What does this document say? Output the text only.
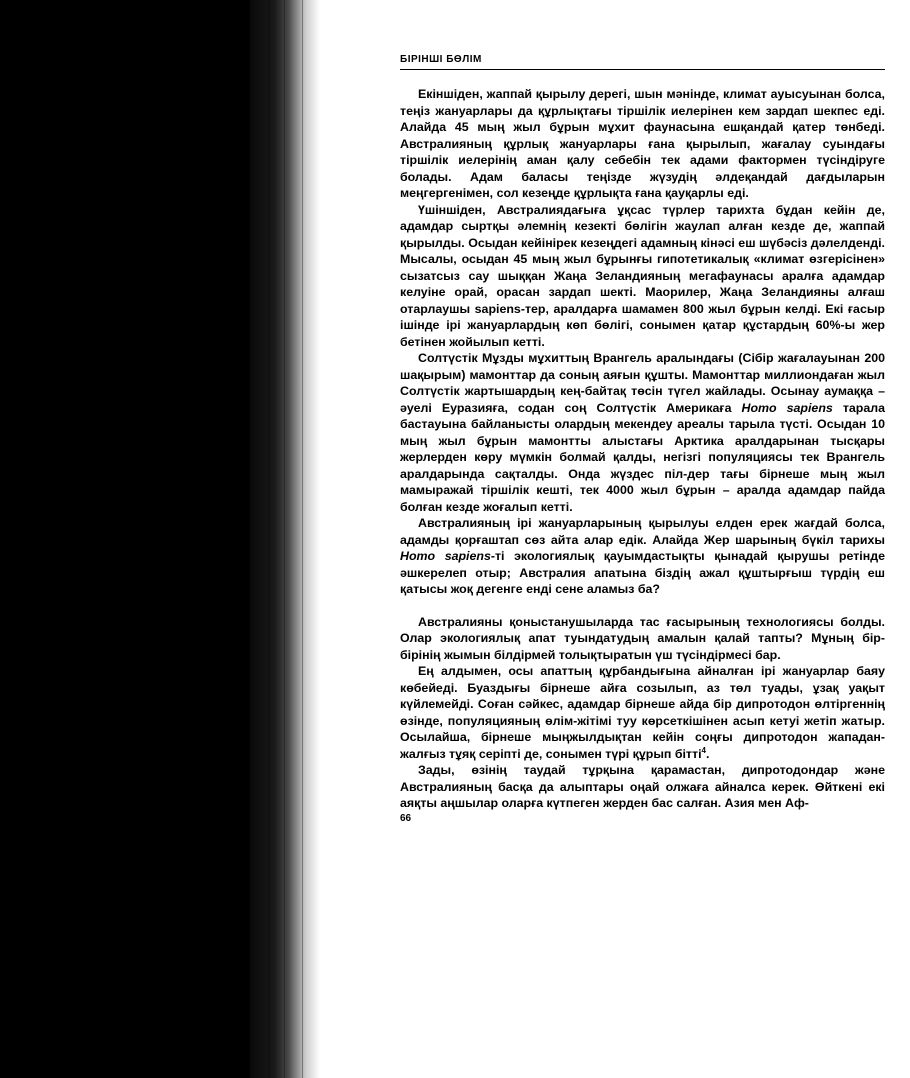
БІРІНШІ БӨЛІМ

Екіншіден, жаппай қырылу дерегі, шын мәнінде, климат ауысуынан болса, теңіз жануарлары да құрлықтағы тіршілік иелерінен кем зардап шекпес еді. Алайда 45 мың жыл бұрын мұхит фаунасына ешқандай қатер төнбеді. Австралияның құрлық жануарлары ғана қырылып, жағалау суындағы тіршілік иелерінің аман қалу себебін тек адами фактормен түсіндіруге болады. Адам баласы теңізде жүзудің әлдеқандай дағдыларын меңгергенімен, сол кезеңде құрлықта ғана қауқарлы еді.

Үшіншіден, Австралиядағыға ұқсас түрлер тарихта бұдан кейін де, адамдар сыртқы әлемнің кезекті бөлігін жаулап алған кезде де, жаппай қырылды. Осыдан кейінірек кезеңдегі адамның кінәсі еш шүбәсіз дәлелденді. Мысалы, осыдан 45 мың жыл бұрынғы гипотетикалық «климат өзгерісінен» сызатсыз сау шыққан Жаңа Зеландияның мегафаунасы аралға адамдар келуіне орай, орасан зардап шекті. Маорилер, Жаңа Зеландияны алғаш отарлаушы sapiens-тер, аралдарға шамамен 800 жыл бұрын келді. Екі ғасыр ішінде ірі жануарлардың көп бөлігі, сонымен қатар құстардың 60%-ы жер бетінен жойылып кетті.

Солтүстік Мұзды мұхиттың Врангель аралындағы (Сібір жағалауынан 200 шақырым) мамонттар да соның аяғын құшты. Мамонттар миллиондаған жыл Солтүстік жартышардың кең-байтақ төсін түгел жайлады. Осынау аумаққа – әуелі Еуразияға, содан соң Солтүстік Америкаға Homo sapiens тарала бастауына байланысты олардың мекендеу ареалы тарыла түсті. Осыдан 10 мың жыл бұрын мамонтты алыстағы Арктика аралдарынан тысқары жерлерден көру мүмкін болмай қалды, негізгі популяциясы тек Врангель аралдарында сақталды. Онда жүздес піл-дер тағы бірнеше мың жыл мамыражай тіршілік кешті, тек 4000 жыл бұрын – аралда адамдар пайда болған кезде жоғалып кетті.

Австралияның ірі жануарларының қырылуы елден ерек жағдай болса, адамды қорғаштап сөз айта алар едік. Алайда Жер шарының бүкіл тарихы Homo sapiens-ті экологиялық қауымдастықты қынадай қырушы ретінде әшкерелеп отыр; Австралия апатына біздің ажал құштырғыш түрдің еш қатысы жоқ дегенге енді сене аламыз ба?

Австралияны қоныстанушыларда тас ғасырының технологиясы болды. Олар экологиялық апат туындатудың амалын қалай тапты? Мұның бір-бірінің жымын білдірмей толықтыратын үш түсіндірмесі бар.

Ең алдымен, осы апаттың құрбандығына айналған ірі жануарлар баяу көбейеді. Буаздығы бірнеше айға созылып, аз төл туады, ұзақ уақыт күйлемейді. Соған сәйкес, адамдар бірнеше айда бір дипротодон өлтіргеннің өзінде, популяцияның өлім-жітімі туу көрсеткішінен асып кетуі жетіп жатыр. Осылайша, бірнеше мыңжылдықтан кейін соңғы дипротодон жападан-жалғыз тұяқ серіпті де, сонымен түрі құрып бітті$^4$.

Зады, өзінің таудай тұрқына қарамастан, дипротодондар және Австралияның басқа да алыптары оңай олжаға айналса керек. Өйткені екі аяқты аңшылар оларға күтпеген жерден бас салған. Азия мен Аф-

66
